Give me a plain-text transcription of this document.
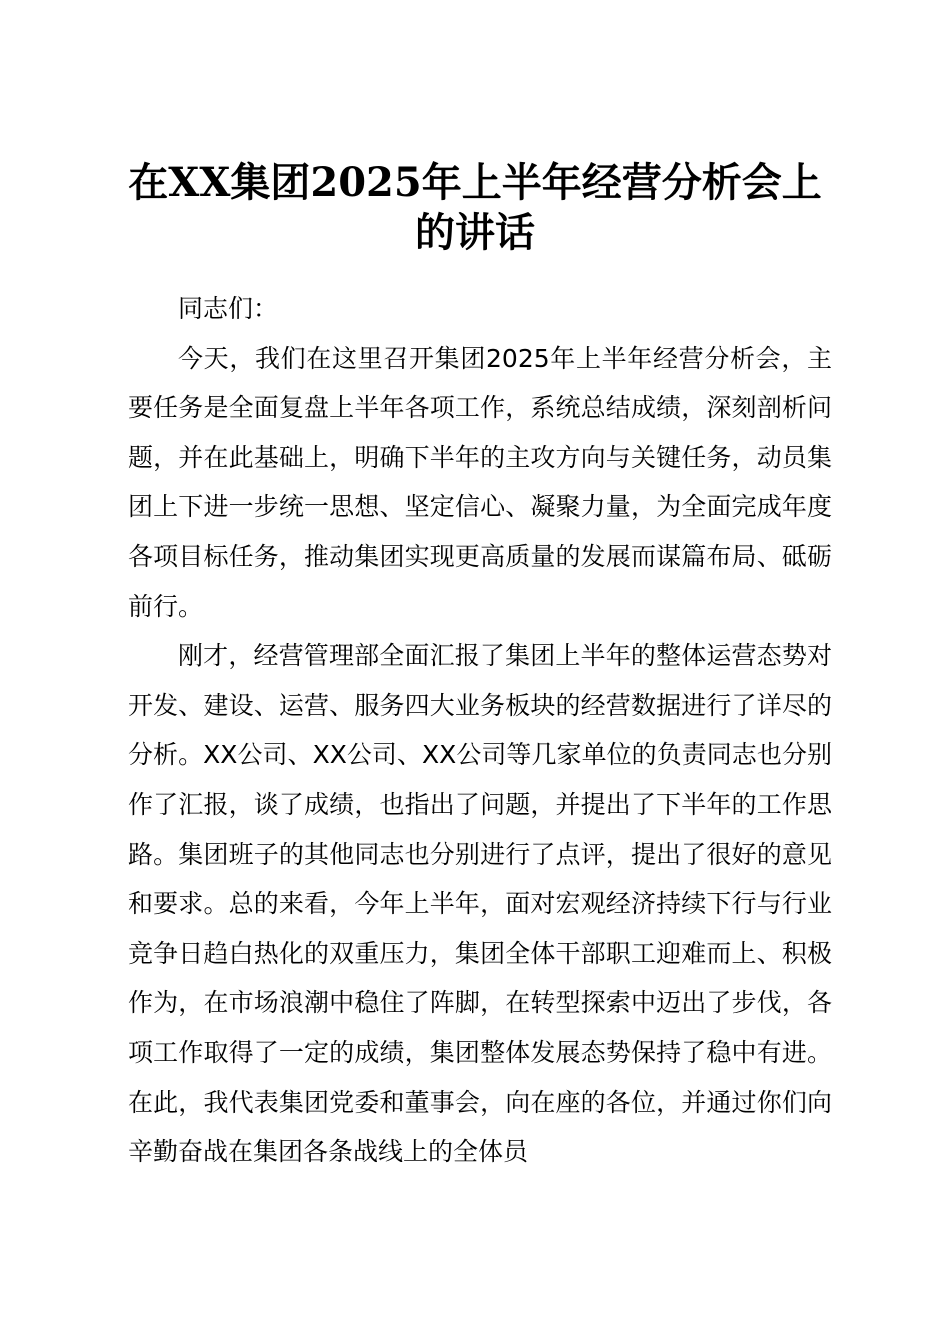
在XX集团2025年上半年经营分析会上的讲话

同志们：

今天，我们在这里召开集团2025年上半年经营分析会，主要任务是全面复盘上半年各项工作，系统总结成绩，深刻剖析问题，并在此基础上，明确下半年的主攻方向与关键任务，动员集团上下进一步统一思想、坚定信心、凝聚力量，为全面完成年度各项目标任务，推动集团实现更高质量的发展而谋篇布局、砥砺前行。

刚才，经营管理部全面汇报了集团上半年的整体运营态势对开发、建设、运营、服务四大业务板块的经营数据进行了详尽的分析。XX公司、XX公司、XX公司等几家单位的负责同志也分别作了汇报，谈了成绩，也指出了问题，并提出了下半年的工作思路。集团班子的其他同志也分别进行了点评，提出了很好的意见和要求。总的来看，今年上半年，面对宏观经济持续下行与行业竞争日趋白热化的双重压力，集团全体干部职工迎难而上、积极作为，在市场浪潮中稳住了阵脚，在转型探索中迈出了步伐，各项工作取得了一定的成绩，集团整体发展态势保持了稳中有进。在此，我代表集团党委和董事会，向在座的各位，并通过你们向辛勤奋战在集团各条战线上的全体员
